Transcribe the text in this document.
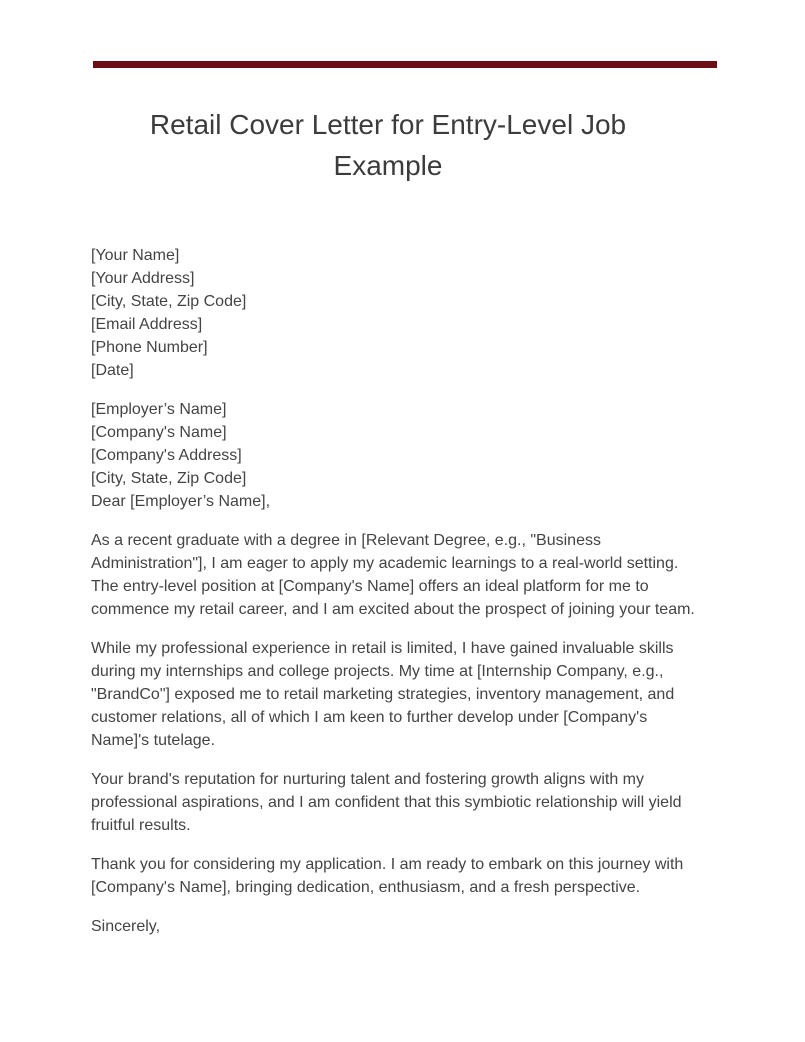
Retail Cover Letter for Entry-Level Job Example
[Your Name]
[Your Address]
[City, State, Zip Code]
[Email Address]
[Phone Number]
[Date]
[Employer’s Name]
[Company's Name]
[Company's Address]
[City, State, Zip Code]
Dear [Employer’s Name],

As a recent graduate with a degree in [Relevant Degree, e.g., "Business Administration"], I am eager to apply my academic learnings to a real-world setting. The entry-level position at [Company's Name] offers an ideal platform for me to commence my retail career, and I am excited about the prospect of joining your team.

While my professional experience in retail is limited, I have gained invaluable skills during my internships and college projects. My time at [Internship Company, e.g., "BrandCo"] exposed me to retail marketing strategies, inventory management, and customer relations, all of which I am keen to further develop under [Company's Name]'s tutelage.

Your brand's reputation for nurturing talent and fostering growth aligns with my professional aspirations, and I am confident that this symbiotic relationship will yield fruitful results.

Thank you for considering my application. I am ready to embark on this journey with [Company's Name], bringing dedication, enthusiasm, and a fresh perspective.

Sincerely,
